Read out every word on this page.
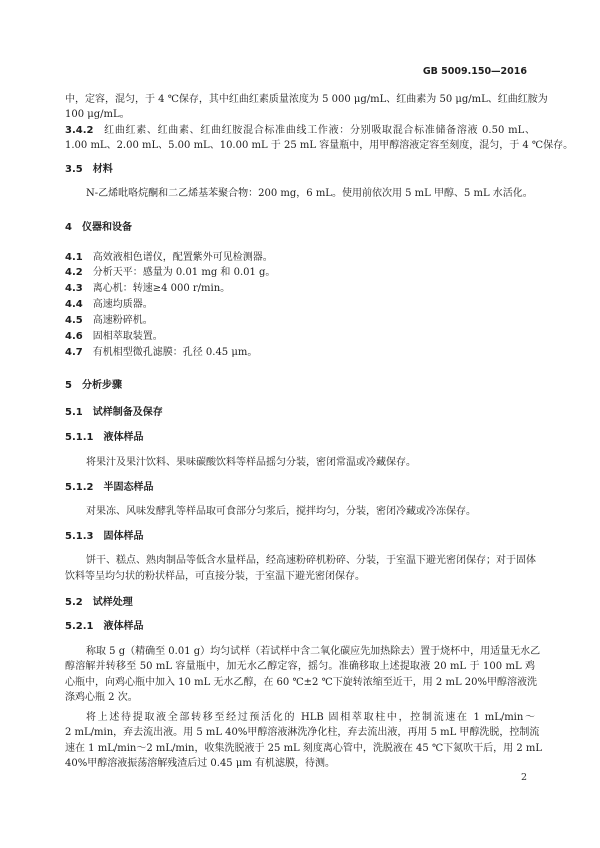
GB 5009.150—2016
中，定容，混匀，于 4 ℃保存，其中红曲红素质量浓度为 5 000 μg/mL、红曲素为 50 μg/mL、红曲红胺为
100 μg/mL。
3.4.2 红曲红素、红曲素、红曲红胺混合标准曲线工作液：分别吸取混合标准储备溶液 0.50 mL、
1.00 mL、2.00 mL、5.00 mL、10.00 mL 于 25 mL 容量瓶中，用甲醇溶液定容至刻度，混匀，于 4 ℃保存。
3.5 材料
N-乙烯吡咯烷酮和二乙烯基苯聚合物：200 mg，6 mL。使用前依次用 5 mL 甲醇、5 mL 水活化。
4 仪器和设备
4.1 高效液相色谱仪，配置紫外可见检测器。
4.2 分析天平：感量为 0.01 mg 和 0.01 g。
4.3 离心机：转速≥4 000 r/min。
4.4 高速均质器。
4.5 高速粉碎机。
4.6 固相萃取装置。
4.7 有机相型微孔滤膜：孔径 0.45 μm。
5 分析步骤
5.1 试样制备及保存
5.1.1 液体样品
将果汁及果汁饮料、果味碳酸饮料等样品摇匀分装，密闭常温或冷藏保存。
5.1.2 半固态样品
对果冻、风味发酵乳等样品取可食部分匀浆后，搅拌均匀，分装，密闭冷藏或冷冻保存。
5.1.3 固体样品
饼干、糕点、熟肉制品等低含水量样品，经高速粉碎机粉碎、分装，于室温下避光密闭保存；对于固体
饮料等呈均匀状的粉状样品，可直接分装，于室温下避光密闭保存。
5.2 试样处理
5.2.1 液体样品
称取 5 g（精确至 0.01 g）均匀试样（若试样中含二氧化碳应先加热除去）置于烧杯中，用适量无水乙
醇溶解并转移至 50 mL 容量瓶中，加无水乙醇定容，摇匀。准确移取上述提取液 20 mL 于 100 mL 鸡
心瓶中，向鸡心瓶中加入 10 mL 无水乙醇，在 60 ℃±2 ℃下旋转浓缩至近干，用 2 mL 20%甲醇溶液洗
涤鸡心瓶 2 次。
将上述待提取液全部转移至经过预活化的 HLB 固相萃取柱中，控制流速在 1 mL/min～
2 mL/min，弃去流出液。用 5 mL 40%甲醇溶液淋洗净化柱，弃去流出液，再用 5 mL 甲醇洗脱，控制流
速在 1 mL/min～2 mL/min，收集洗脱液于 25 mL 刻度离心管中，洗脱液在 45 ℃下氮吹干后，用 2 mL
40%甲醇溶液振荡溶解残渣后过 0.45 μm 有机滤膜，待测。
2
